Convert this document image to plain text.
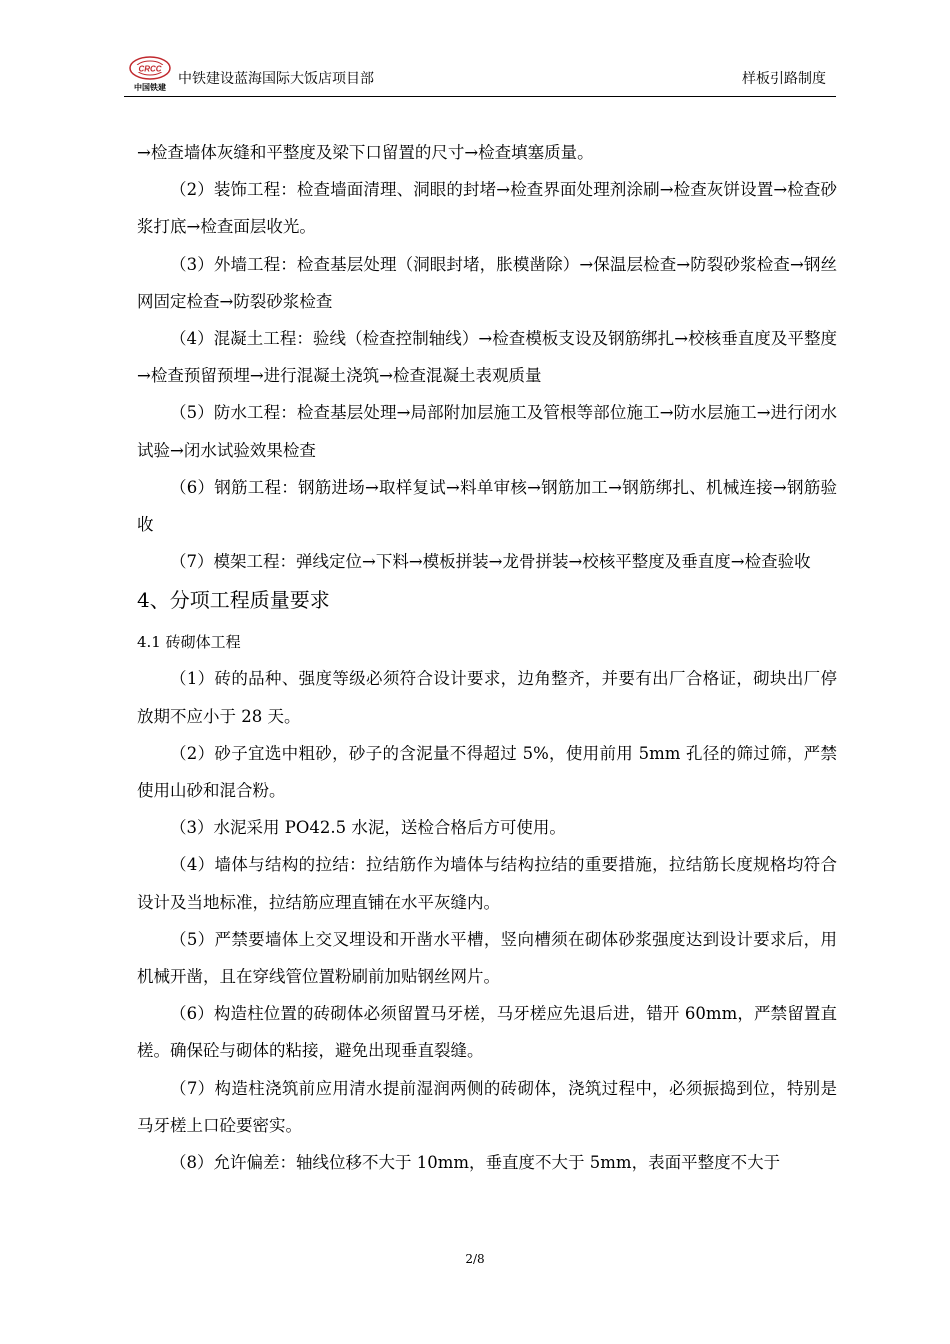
CRCC
中国铁建
中铁建设蓝海国际大饭店项目部	样板引路制度

→检查墙体灰缝和平整度及梁下口留置的尺寸→检查填塞质量。

（2）装饰工程：检查墙面清理、洞眼的封堵→检查界面处理剂涂刷→检查灰饼设置→检查砂浆打底→检查面层收光。

（3）外墙工程：检查基层处理（洞眼封堵，胀模凿除）→保温层检查→防裂砂浆检查→钢丝网固定检查→防裂砂浆检查

（4）混凝土工程：验线（检查控制轴线）→检查模板支设及钢筋绑扎→校核垂直度及平整度→检查预留预埋→进行混凝土浇筑→检查混凝土表观质量

（5）防水工程：检查基层处理→局部附加层施工及管根等部位施工→防水层施工→进行闭水试验→闭水试验效果检查

（6）钢筋工程：钢筋进场→取样复试→料单审核→钢筋加工→钢筋绑扎、机械连接→钢筋验收

（7）模架工程：弹线定位→下料→模板拼装→龙骨拼装→校核平整度及垂直度→检查验收

4、分项工程质量要求

4.1 砖砌体工程

（1）砖的品种、强度等级必须符合设计要求，边角整齐，并要有出厂合格证，砌块出厂停放期不应小于 28 天。

（2）砂子宜选中粗砂，砂子的含泥量不得超过 5%，使用前用 5mm 孔径的筛过筛，严禁使用山砂和混合粉。

（3）水泥采用 PO42.5 水泥，送检合格后方可使用。

（4）墙体与结构的拉结：拉结筋作为墙体与结构拉结的重要措施，拉结筋长度规格均符合设计及当地标准，拉结筋应理直铺在水平灰缝内。

（5）严禁要墙体上交叉埋设和开凿水平槽，竖向槽须在砌体砂浆强度达到设计要求后，用机械开凿，且在穿线管位置粉刷前加贴钢丝网片。

（6）构造柱位置的砖砌体必须留置马牙槎，马牙槎应先退后进，错开 60mm，严禁留置直槎。确保砼与砌体的粘接，避免出现垂直裂缝。

（7）构造柱浇筑前应用清水提前湿润两侧的砖砌体，浇筑过程中，必须振捣到位，特别是马牙槎上口砼要密实。

（8）允许偏差：轴线位移不大于 10mm，垂直度不大于 5mm，表面平整度不大于

2/8
